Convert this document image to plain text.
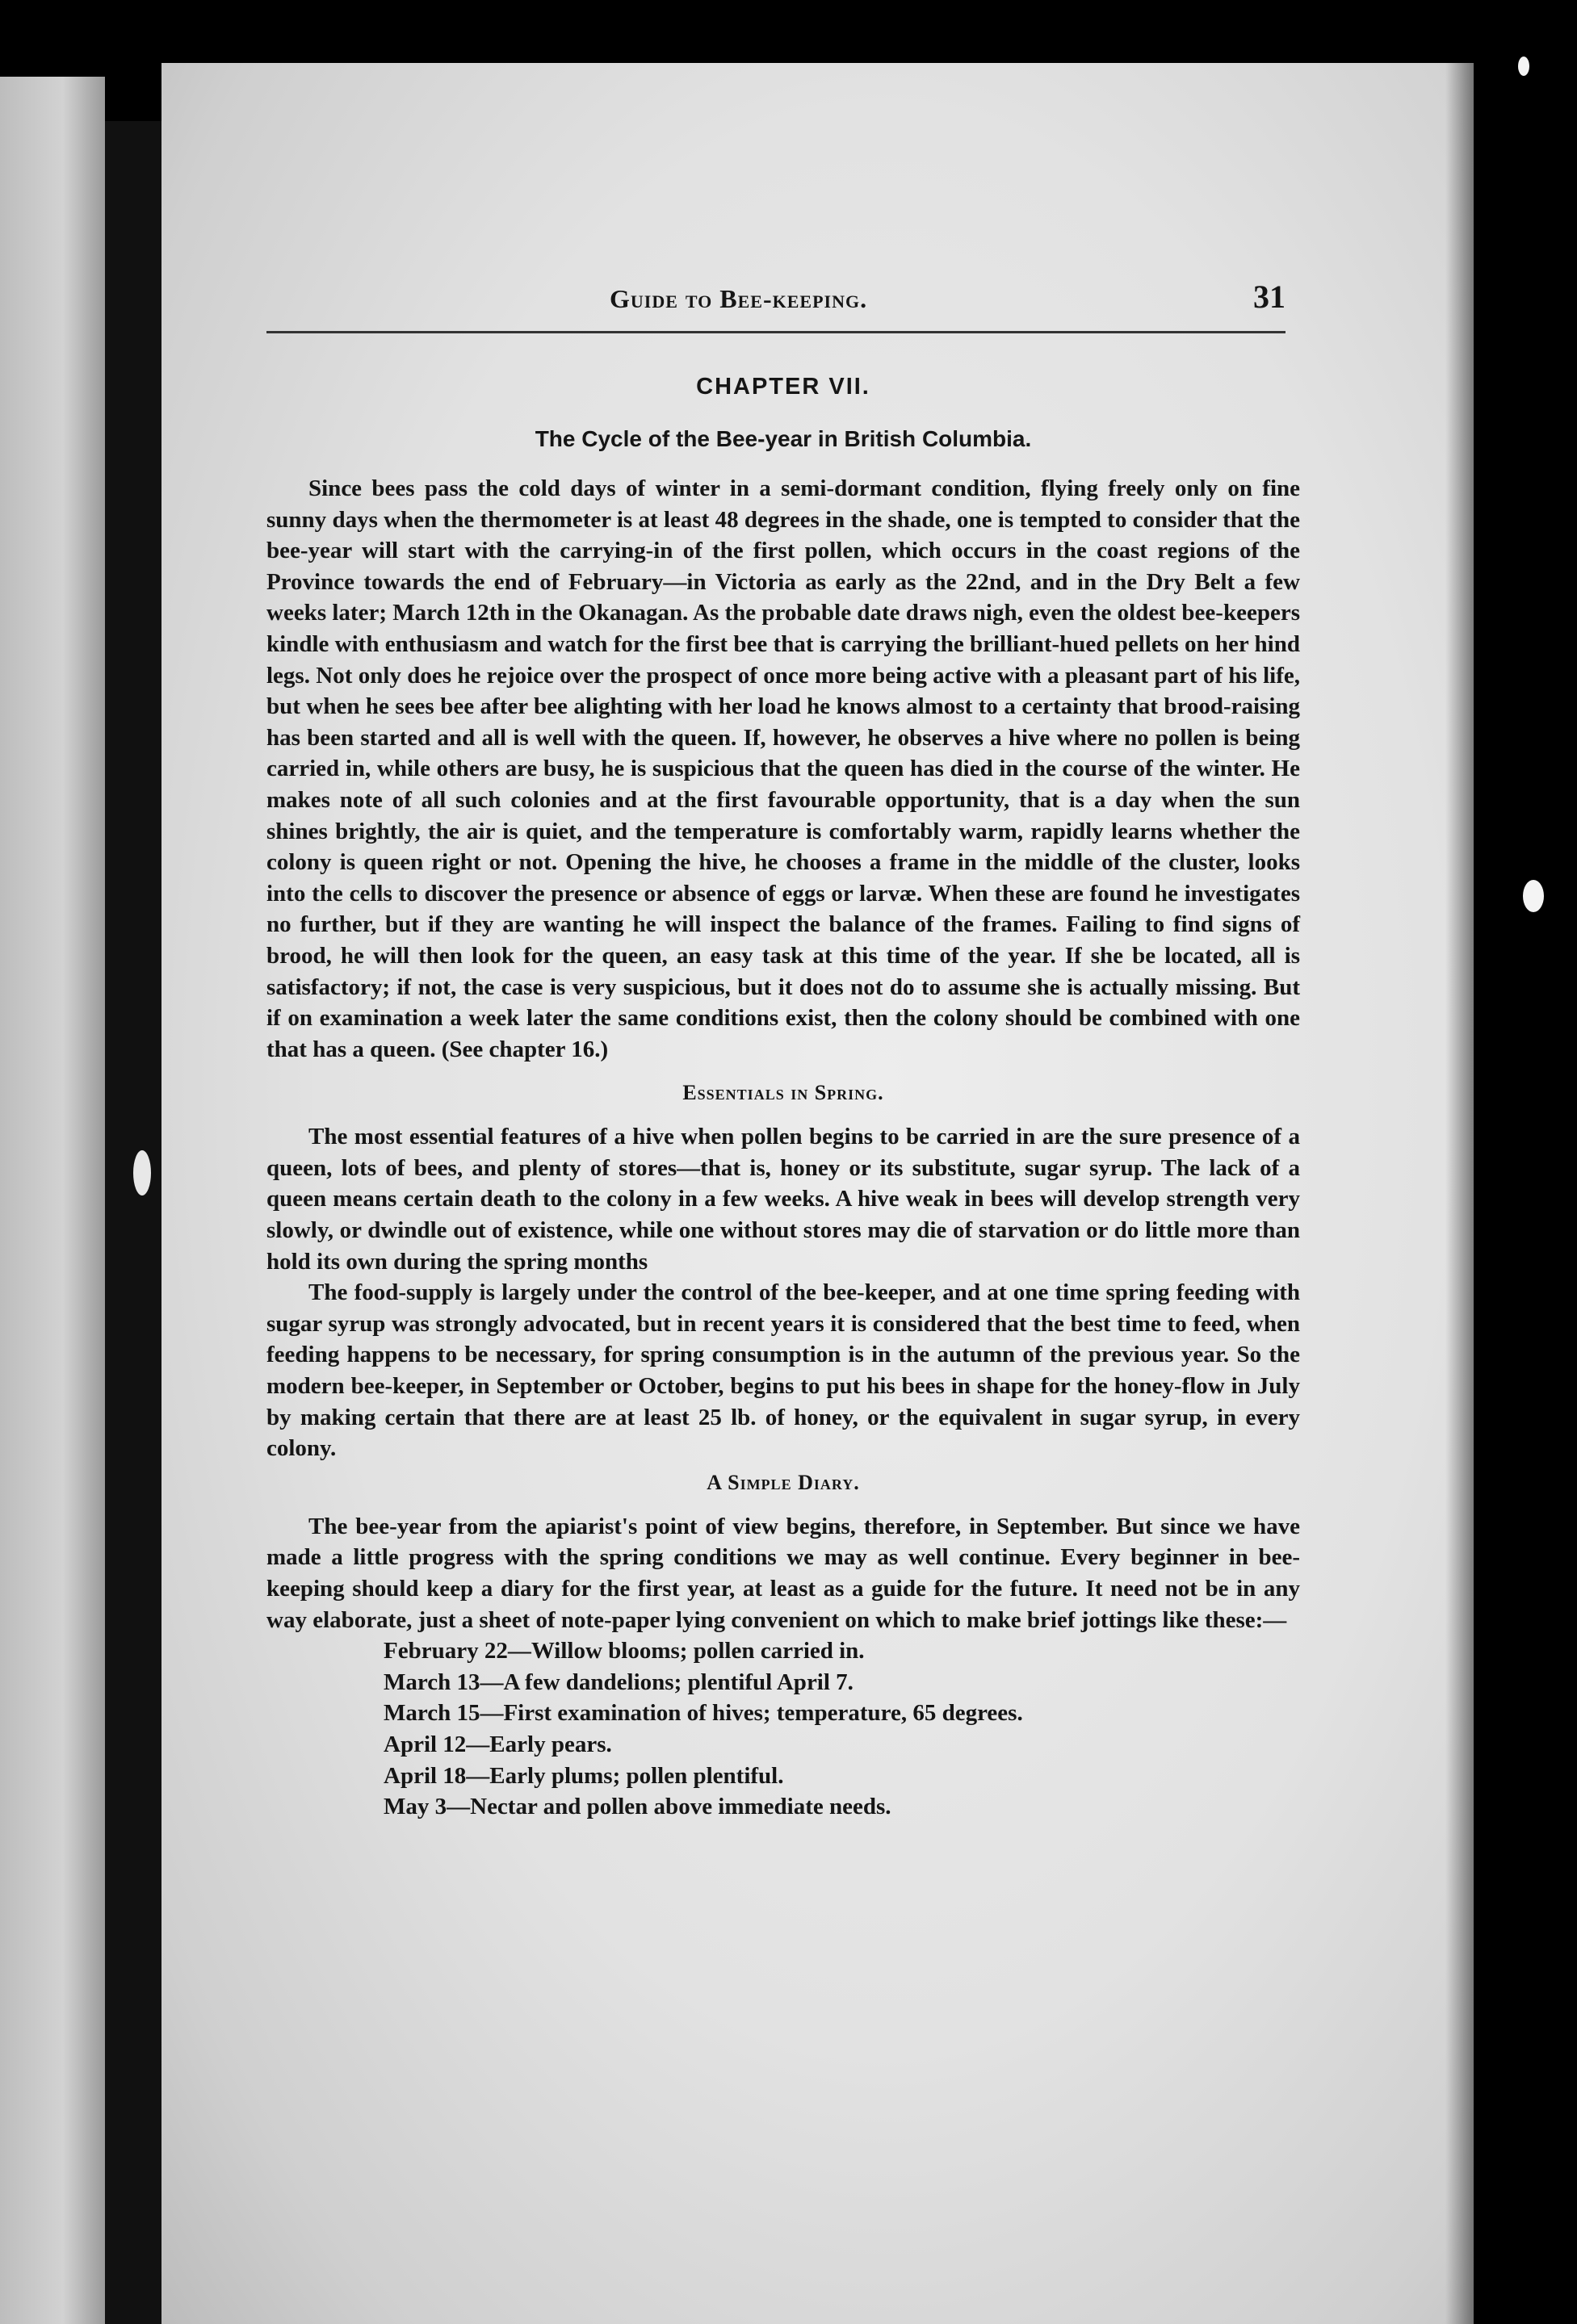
Guide to Bee-keeping.	31
CHAPTER VII.
The Cycle of the Bee-year in British Columbia.

Since bees pass the cold days of winter in a semi-dormant condition, flying freely only on fine sunny days when the thermometer is at least 48 degrees in the shade, one is tempted to consider that the bee-year will start with the carrying-in of the first pollen, which occurs in the coast regions of the Province towards the end of February—in Victoria as early as the 22nd, and in the Dry Belt a few weeks later; March 12th in the Okanagan. As the probable date draws nigh, even the oldest bee-keepers kindle with enthusiasm and watch for the first bee that is carrying the brilliant-hued pellets on her hind legs. Not only does he rejoice over the prospect of once more being active with a pleasant part of his life, but when he sees bee after bee alighting with her load he knows almost to a certainty that brood-raising has been started and all is well with the queen. If, however, he observes a hive where no pollen is being carried in, while others are busy, he is suspicious that the queen has died in the course of the winter. He makes note of all such colonies and at the first favourable opportunity, that is a day when the sun shines brightly, the air is quiet, and the temperature is comfortably warm, rapidly learns whether the colony is queen right or not. Opening the hive, he chooses a frame in the middle of the cluster, looks into the cells to discover the presence or absence of eggs or larvæ. When these are found he investigates no further, but if they are wanting he will inspect the balance of the frames. Failing to find signs of brood, he will then look for the queen, an easy task at this time of the year. If she be located, all is satisfactory; if not, the case is very suspicious, but it does not do to assume she is actually missing. But if on examination a week later the same conditions exist, then the colony should be combined with one that has a queen. (See chapter 16.)

Essentials in Spring.

The most essential features of a hive when pollen begins to be carried in are the sure presence of a queen, lots of bees, and plenty of stores—that is, honey or its substitute, sugar syrup. The lack of a queen means certain death to the colony in a few weeks. A hive weak in bees will develop strength very slowly, or dwindle out of existence, while one without stores may die of starvation or do little more than hold its own during the spring months

The food-supply is largely under the control of the bee-keeper, and at one time spring feeding with sugar syrup was strongly advocated, but in recent years it is considered that the best time to feed, when feeding happens to be necessary, for spring consumption is in the autumn of the previous year. So the modern bee-keeper, in September or October, begins to put his bees in shape for the honey-flow in July by making certain that there are at least 25 lb. of honey, or the equivalent in sugar syrup, in every colony.

A Simple Diary.

The bee-year from the apiarist's point of view begins, therefore, in September. But since we have made a little progress with the spring conditions we may as well continue. Every beginner in bee-keeping should keep a diary for the first year, at least as a guide for the future. It need not be in any way elaborate, just a sheet of note-paper lying convenient on which to make brief jottings like these:—

February 22—Willow blooms; pollen carried in.
March 13—A few dandelions; plentiful April 7.
March 15—First examination of hives; temperature, 65 degrees.
April 12—Early pears.
April 18—Early plums; pollen plentiful.
May 3—Nectar and pollen above immediate needs.
